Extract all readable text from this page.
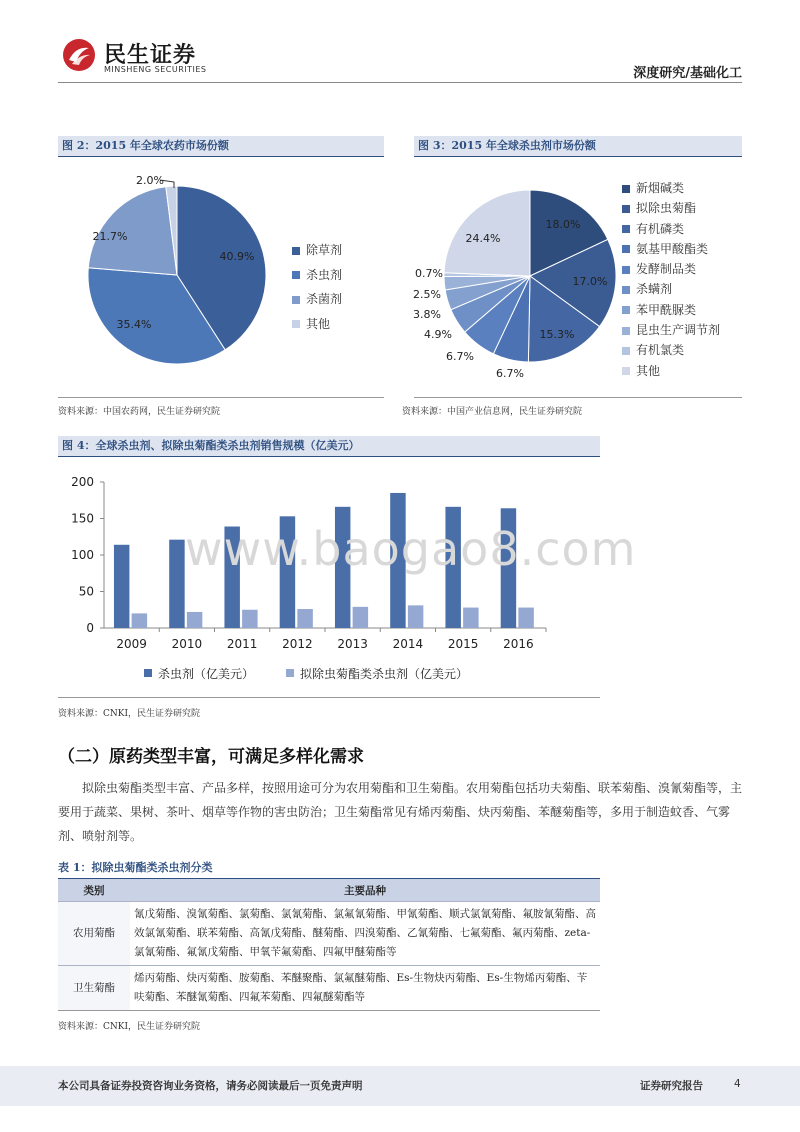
民生证券
MINSHENG SECURITIES	深度研究/基础化工
图 2：2015 年全球农药市场份额
40.9%
35.4%
21.7%
2.0%
除草剂
杀虫剂
杀菌剂
其他
资料来源：中国农药网，民生证券研究院
图 3：2015 年全球杀虫剂市场份额
18.0%
17.0%
15.3%
6.7%
6.7%
4.9%
3.8%
2.5%
0.7%
24.4%
新烟碱类
拟除虫菊酯
有机磷类
氨基甲酸酯类
发酵制品类
杀螨剂
苯甲酰脲类
昆虫生产调节剂
有机氯类
其他
资料来源：中国产业信息网，民生证券研究院
图 4：全球杀虫剂、拟除虫菊酯类杀虫剂销售规模（亿美元）
0
50
100
150
200
2009 2010 2011 2012 2013 2014 2015 2016
杀虫剂（亿美元）	拟除虫菊酯类杀虫剂（亿美元）
资料来源：CNKI，民生证券研究院
www.baogao8.com
（二）原药类型丰富，可满足多样化需求
拟除虫菊酯类型丰富、产品多样，按照用途可分为农用菊酯和卫生菊酯。农用菊酯包括功夫菊酯、联苯菊酯、溴氰菊酯等，主要用于蔬菜、果树、茶叶、烟草等作物的害虫防治；卫生菊酯常见有烯丙菊酯、炔丙菊酯、苯醚菊酯等，多用于制造蚊香、气雾剂、喷射剂等。
表 1：拟除虫菊酯类杀虫剂分类
类别	主要品种
农用菊酯	氰戊菊酯、溴氰菊酯、氯菊酯、氯氰菊酯、氯氟氰菊酯、甲氰菊酯、顺式氯氰菊酯、氟胺氰菊酯、高效氯氰菊酯、联苯菊酯、高氰戊菊酯、醚菊酯、四溴菊酯、乙氰菊酯、七氟菊酯、氟丙菊酯、zeta-氯氰菊酯、氟氰戊菊酯、甲氧苄氟菊酯、四氟甲醚菊酯等
卫生菊酯	烯丙菊酯、炔丙菊酯、胺菊酯、苯醚聚酯、氯氟醚菊酯、Es-生物炔丙菊酯、Es-生物烯丙菊酯、苄呋菊酯、苯醚氰菊酯、四氟苯菊酯、四氟醚菊酯等
资料来源：CNKI，民生证券研究院
本公司具备证券投资咨询业务资格，请务必阅读最后一页免责声明	证券研究报告	4
